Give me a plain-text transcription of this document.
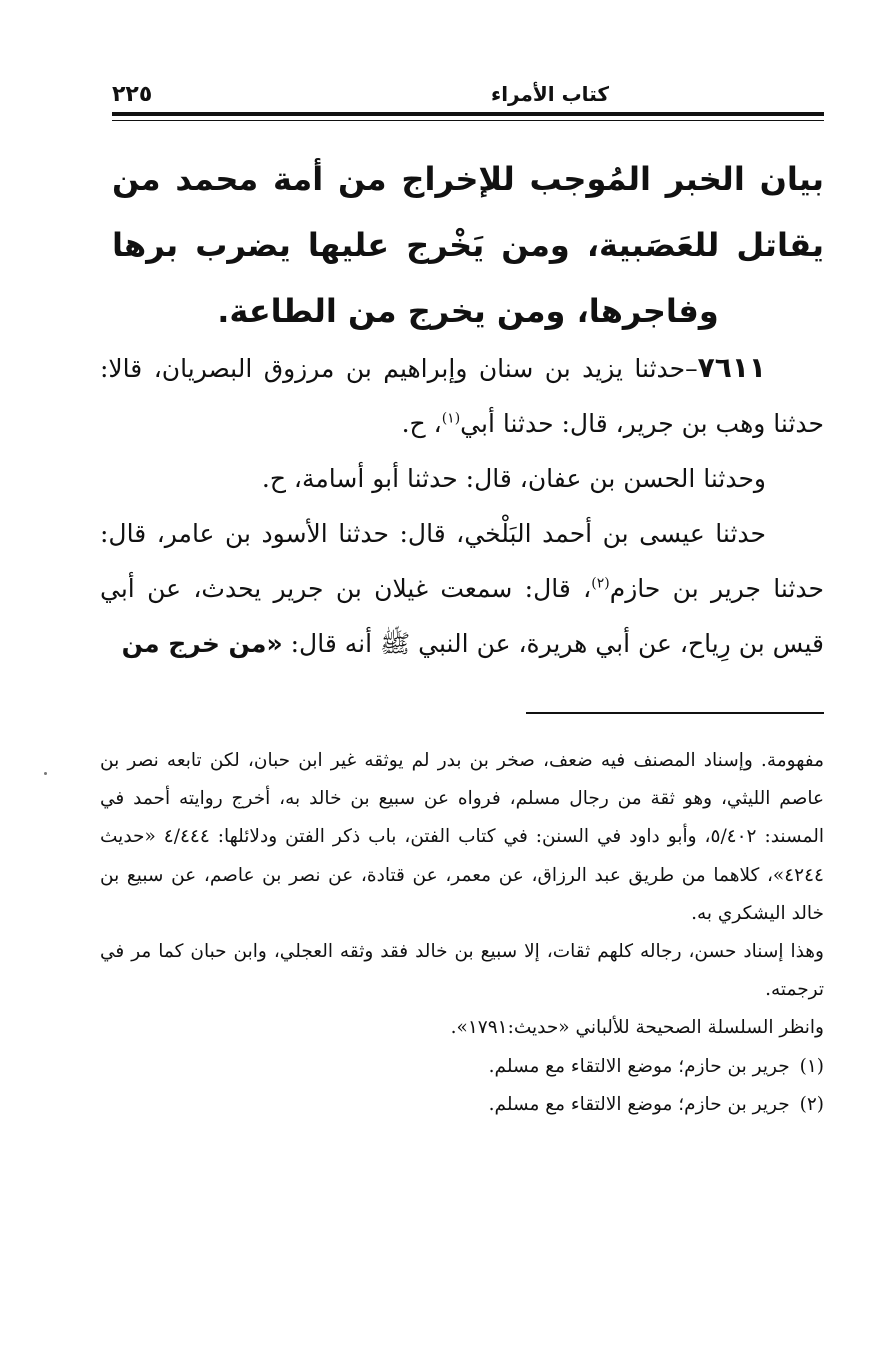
كتاب الأمراء
٢٢٥
بيان الخبر المُوجب للإخراج من أمة محمد من يقاتل للعَصَبية، ومن يَخْرج عليها يضرب برها وفاجرها، ومن يخرج من الطاعة.

٧٦١١–حدثنا يزيد بن سنان وإبراهيم بن مرزوق البصريان، قالا: حدثنا وهب بن جرير، قال: حدثنا أبي$^{(١)}$، ح.

وحدثنا الحسن بن عفان، قال: حدثنا أبو أسامة، ح.

حدثنا عيسى بن أحمد البَلْخي، قال: حدثنا الأسود بن عامر، قال: حدثنا جرير بن حازم$^{(٢)}$، قال: سمعت غيلان بن جرير يحدث، عن أبي قيس بن رِياح، عن أبي هريرة، عن النبي ﷺ أنه قال: «من خرج من

مفهومة. وإسناد المصنف فيه ضعف، صخر بن بدر لم يوثقه غير ابن حبان، لكن تابعه نصر بن عاصم الليثي، وهو ثقة من رجال مسلم، فرواه عن سبيع بن خالد به، أخرج روايته أحمد في المسند: ٥/٤٠٢، وأبو داود في السنن: في كتاب الفتن، باب ذكر الفتن ودلائلها: ٤/٤٤٤ «حديث ٤٢٤٤»، كلاهما من طريق عبد الرزاق، عن معمر، عن قتادة، عن نصر بن عاصم، عن سبيع بن خالد اليشكري به.

وهذا إسناد حسن، رجاله كلهم ثقات، إلا سبيع بن خالد فقد وثقه العجلي، وابن حبان كما مر في ترجمته.

وانظر السلسلة الصحيحة للألباني «حديث:١٧٩١».

(١)
جرير بن حازم؛ موضع الالتقاء مع مسلم.
(٢)
جرير بن حازم؛ موضع الالتقاء مع مسلم.
